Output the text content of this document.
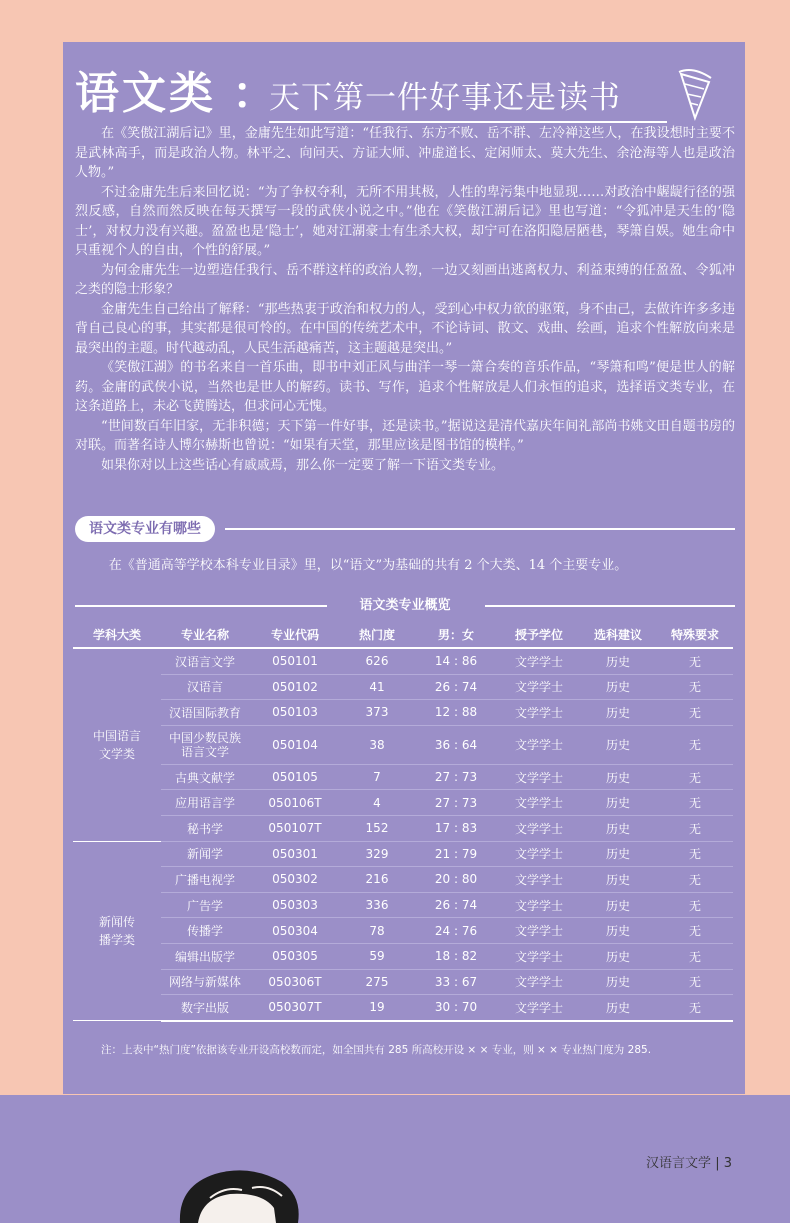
语文类 ：
天下第一件好事还是读书

在《笑傲江湖后记》里，金庸先生如此写道：“任我行、东方不败、岳不群、左冷禅这些人，在我设想时主要不是武林高手，而是政治人物。林平之、向问天、方证大师、冲虚道长、定闲师太、莫大先生、余沧海等人也是政治人物。”

不过金庸先生后来回忆说：“为了争权夺利，无所不用其极，人性的卑污集中地显现……对政治中龌龊行径的强烈反感，自然而然反映在每天撰写一段的武侠小说之中。”他在《笑傲江湖后记》里也写道：“令狐冲是天生的‘隐士’，对权力没有兴趣。盈盈也是‘隐士’，她对江湖豪士有生杀大权，却宁可在洛阳隐居陋巷，琴箫自娱。她生命中只重视个人的自由，个性的舒展。”

为何金庸先生一边塑造任我行、岳不群这样的政治人物，一边又刻画出逃离权力、利益束缚的任盈盈、令狐冲之类的隐士形象？

金庸先生自己给出了解释：“那些热衷于政治和权力的人，受到心中权力欲的驱策，身不由己，去做许许多多违背自己良心的事，其实都是很可怜的。在中国的传统艺术中，不论诗词、散文、戏曲、绘画，追求个性解放向来是最突出的主题。时代越动乱，人民生活越痛苦，这主题越是突出。”

《笑傲江湖》的书名来自一首乐曲，即书中刘正风与曲洋一琴一箫合奏的音乐作品，“琴箫和鸣”便是世人的解药。金庸的武侠小说，当然也是世人的解药。读书、写作，追求个性解放是人们永恒的追求，选择语文类专业，在这条道路上，未必飞黄腾达，但求问心无愧。

“世间数百年旧家，无非积德；天下第一件好事，还是读书。”据说这是清代嘉庆年间礼部尚书姚文田自题书房的对联。而著名诗人博尔赫斯也曾说：“如果有天堂，那里应该是图书馆的模样。”

如果你对以上这些话心有戚戚焉，那么你一定要了解一下语文类专业。

语文类专业有哪些
在《普通高等学校本科专业目录》里，以“语文”为基础的共有 2 个大类、14 个主要专业。
语文类专业概览
学科大类	专业名称	专业代码	热门度	男：女	授予学位	选科建议	特殊要求
中国语言
文学类	汉语言文学	050101	626	14 : 86	文学学士	历史	无
	汉语言	050102	41	26 : 74	文学学士	历史	无
	汉语国际教育	050103	373	12 : 88	文学学士	历史	无
	中国少数民族
语言文学	050104	38	36 : 64	文学学士	历史	无
	古典文献学	050105	7	27 : 73	文学学士	历史	无
	应用语言学	050106T	4	27 : 73	文学学士	历史	无
	秘书学	050107T	152	17 : 83	文学学士	历史	无
新闻传
播学类	新闻学	050301	329	21 : 79	文学学士	历史	无
	广播电视学	050302	216	20 : 80	文学学士	历史	无
	广告学	050303	336	26 : 74	文学学士	历史	无
	传播学	050304	78	24 : 76	文学学士	历史	无
	编辑出版学	050305	59	18 : 82	文学学士	历史	无
	网络与新媒体	050306T	275	33 : 67	文学学士	历史	无
	数字出版	050307T	19	30 : 70	文学学士	历史	无
注：上表中“热门度”依据该专业开设高校数而定，如全国共有 285 所高校开设 × × 专业，则 × × 专业热门度为 285.
汉语言文学 | 3
